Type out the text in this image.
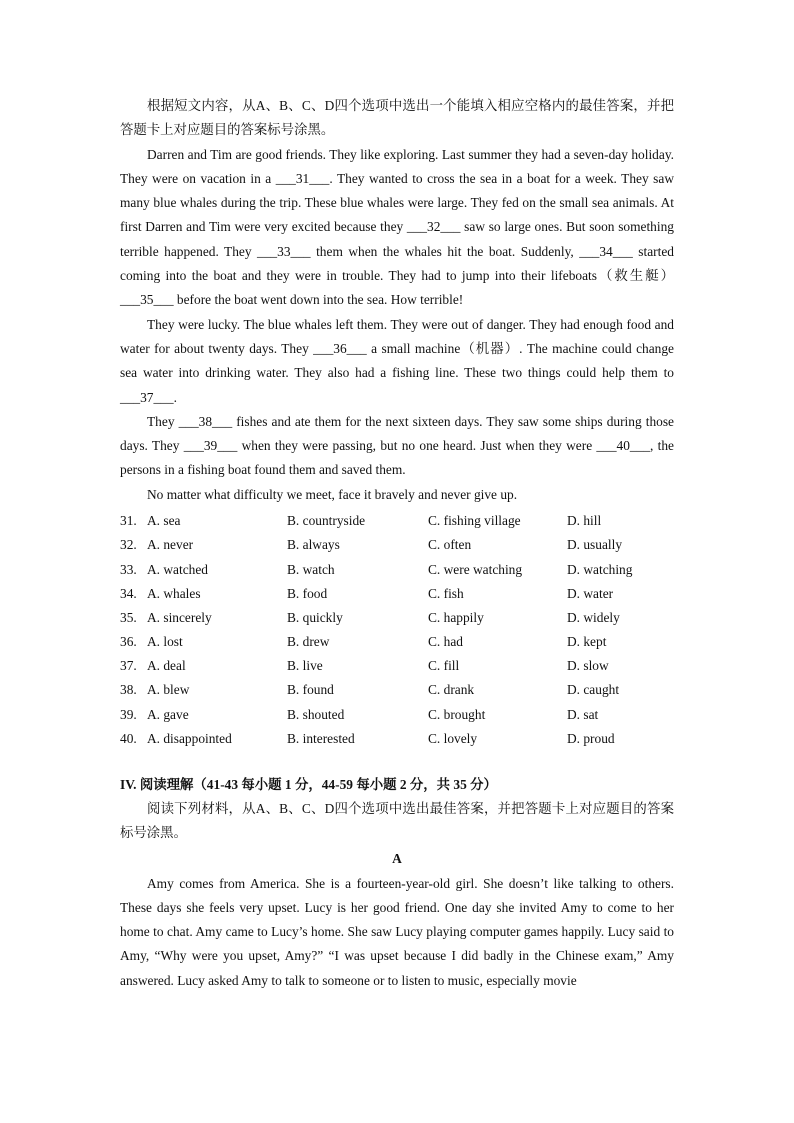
根据短文内容，从A、B、C、D四个选项中选出一个能填入相应空格内的最佳答案，并把答题卡上对应题目的答案标号涂黑。

Darren and Tim are good friends. They like exploring. Last summer they had a seven-day holiday. They were on vacation in a ___31___. They wanted to cross the sea in a boat for a week. They saw many blue whales during the trip. These blue whales were large. They fed on the small sea animals. At first Darren and Tim were very excited because they ___32___ saw so large ones. But soon something terrible happened. They ___33___ them when the whales hit the boat. Suddenly, ___34___ started coming into the boat and they were in trouble. They had to jump into their lifeboats（救生艇）___35___ before the boat went down into the sea. How terrible!

They were lucky. The blue whales left them. They were out of danger. They had enough food and water for about twenty days. They ___36___ a small machine（机器）. The machine could change sea water into drinking water. They also had a fishing line. These two things could help them to ___37___.

They ___38___ fishes and ate them for the next sixteen days. They saw some ships during those days. They ___39___ when they were passing, but no one heard. Just when they were ___40___, the persons in a fishing boat found them and saved them.

No matter what difficulty we meet, face it bravely and never give up.

31. A. sea	B. countryside	C. fishing village	D. hill
32. A. never	B. always	C. often	D. usually
33. A. watched	B. watch	C. were watching	D. watching
34. A. whales	B. food	C. fish	D. water
35. A. sincerely	B. quickly	C. happily	D. widely
36. A. lost	B. drew	C. had	D. kept
37. A. deal	B. live	C. fill	D. slow
38. A. blew	B. found	C. drank	D. caught
39. A. gave	B. shouted	C. brought	D. sat
40. A. disappointed	B. interested	C. lovely	D. proud

IV. 阅读理解（41-43 每小题 1 分，44-59 每小题 2 分，共 35 分）

阅读下列材料，从A、B、C、D四个选项中选出最佳答案，并把答题卡上对应题目的答案标号涂黑。

A

Amy comes from America. She is a fourteen-year-old girl. She doesn’t like talking to others. These days she feels very upset. Lucy is her good friend. One day she invited Amy to come to her home to chat. Amy came to Lucy’s home. She saw Lucy playing computer games happily. Lucy said to Amy, “Why were you upset, Amy?” “I was upset because I did badly in the Chinese exam,” Amy answered. Lucy asked Amy to talk to someone or to listen to music, especially movie
